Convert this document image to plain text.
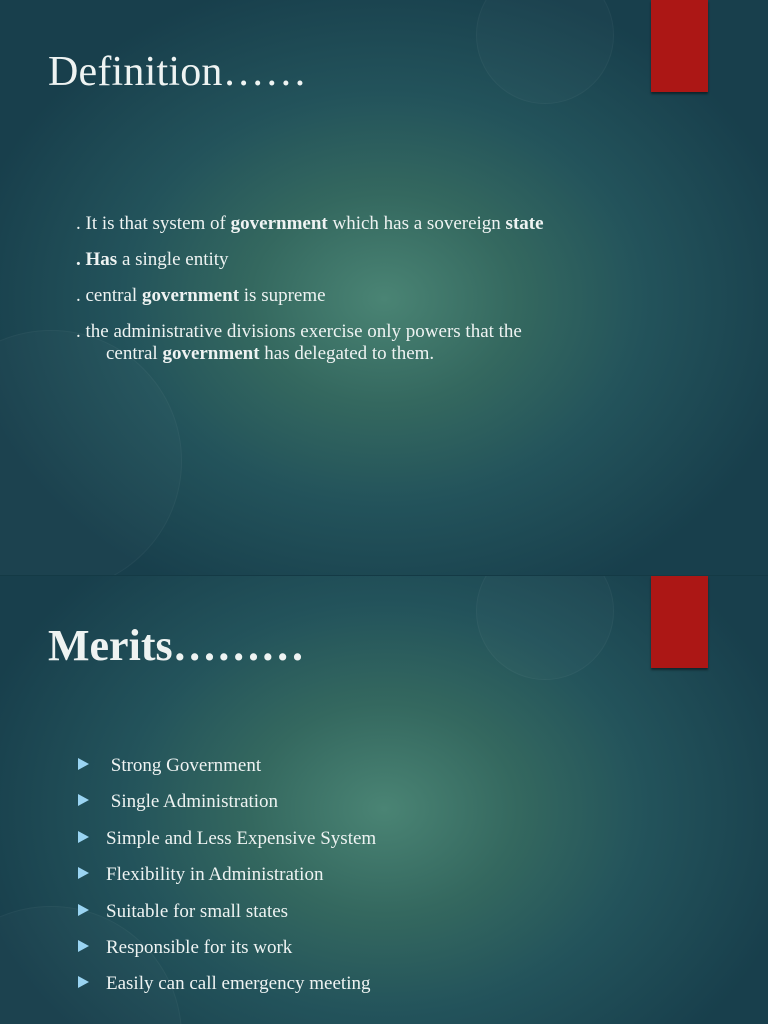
Definition……
. It is that system of government which has a sovereign state
. Has a single entity
. central government is supreme
. the administrative divisions exercise only powers that the
central government has delegated to them.
Merits………
Strong Government
Single Administration
Simple and Less Expensive System
Flexibility in Administration
Suitable for small states
Responsible for its work
Easily can call emergency meeting
